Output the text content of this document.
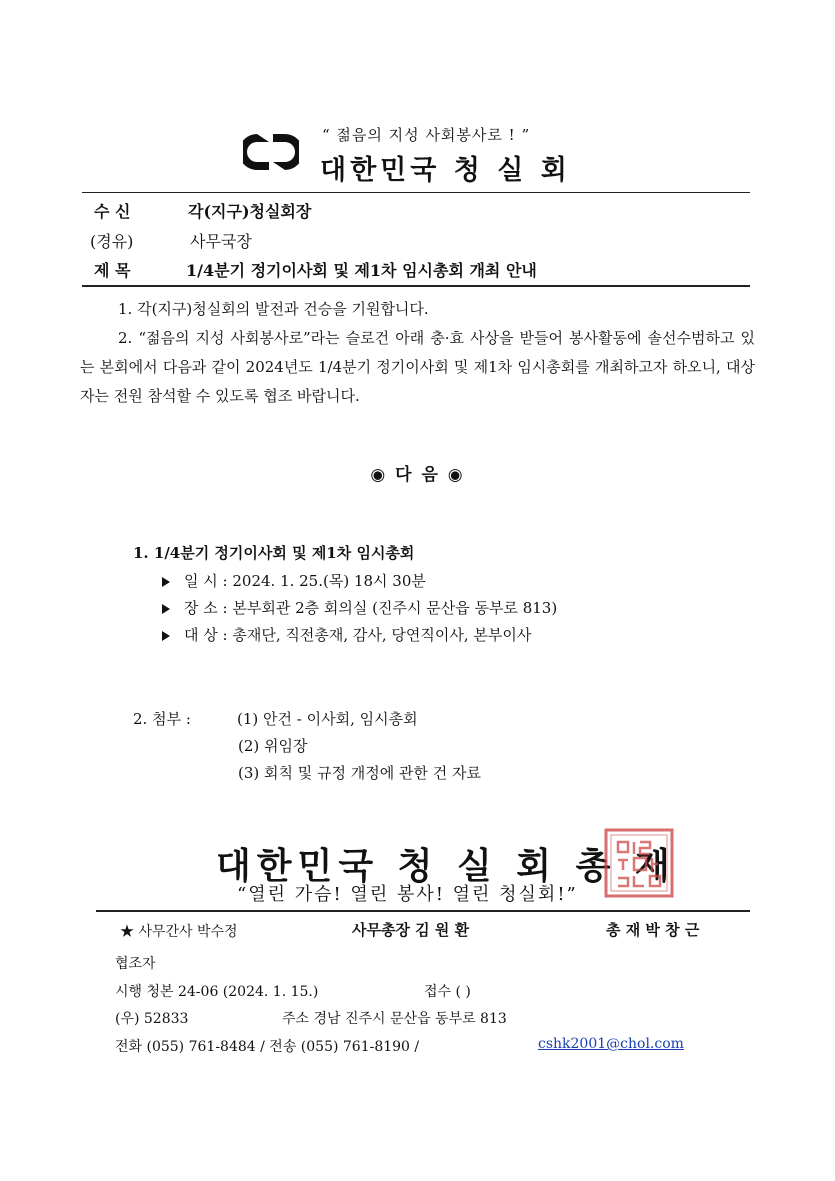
“ 젊음의 지성 사회봉사로 ! ”
대한민국 청 실 회
수 신	각(지구)청실회장
(경유)	사무국장
제 목	1/4분기 정기이사회 및 제1차 임시총회 개최 안내
1. 각(지구)청실회의 발전과 건승을 기원합니다.
2. “젊음의 지성 사회봉사로”라는 슬로건 아래 충·효 사상을 받들어 봉사활동에 솔선수범하고 있는 본회에서 다음과 같이 2024년도 1/4분기 정기이사회 및 제1차 임시총회를 개최하고자 하오니, 대상자는 전원 참석할 수 있도록 협조 바랍니다.
◉ 다 음 ◉
1. 1/4분기 정기이사회 및 제1차 임시총회
일 시 : 2024. 1. 25.(목) 18시 30분
장 소 : 본부회관 2층 회의실 (진주시 문산읍 동부로 813)
대 상 : 총재단, 직전총재, 감사, 당연직이사, 본부이사
2. 첨부 :	(1) 안건 - 이사회, 임시총회
(2) 위임장
(3) 회칙 및 규정 개정에 관한 건 자료
대한민국 청 실 회 총 재
“열린 가슴! 열린 봉사! 열린 청실회!”
★ 사무간사 박수정	사무총장 김 원 환	총 재 박 창 근
협조자
시행 청본 24-06 (2024. 1. 15.)	접수 ( )
(우) 52833	주소 경남 진주시 문산읍 동부로 813
전화 (055) 761-8484 / 전송 (055) 761-8190 /	cshk2001@chol.com
